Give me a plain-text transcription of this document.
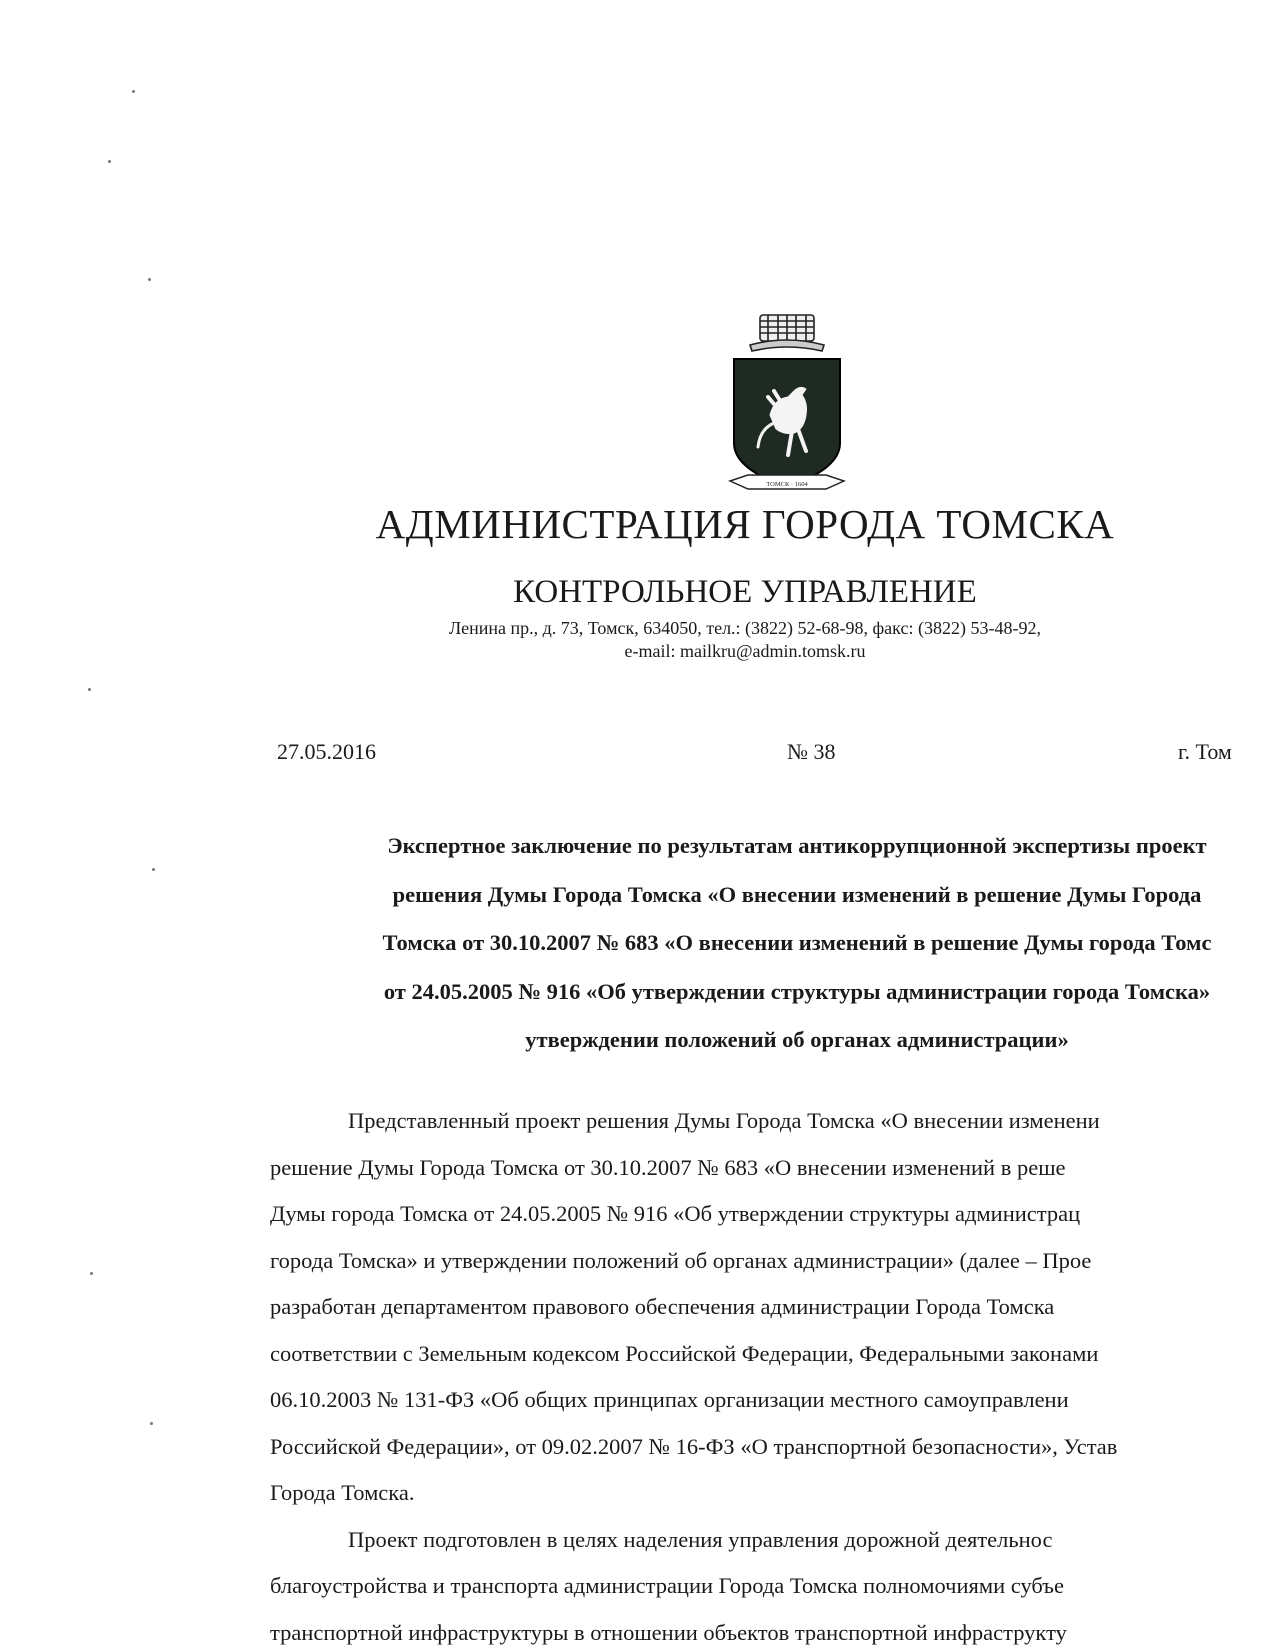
ТОМСК · 1604
АДМИНИСТРАЦИЯ ГОРОДА ТОМСКА
КОНТРОЛЬНОЕ УПРАВЛЕНИЕ
Ленина пр., д. 73, Томск, 634050, тел.: (3822) 52-68-98, факс: (3822) 53-48-92,
e-mail: mailkru@admin.tomsk.ru
27.05.2016	№ 38	г. Том
Экспертное заключение по результатам антикоррупционной экспертизы проект
решения Думы Города Томска «О внесении изменений в решение Думы Города
Томска от 30.10.2007 № 683 «О внесении изменений в решение Думы города Томс
от 24.05.2005 № 916 «Об утверждении структуры администрации города Томска»
утверждении положений об органах администрации»
Представленный проект решения Думы Города Томска «О внесении изменени
решение Думы Города Томска от 30.10.2007 № 683 «О внесении изменений в реше
Думы города Томска от 24.05.2005 № 916 «Об утверждении структуры администрац
города Томска» и утверждении положений об органах администрации» (далее – Прое
разработан департаментом правового обеспечения администрации Города Томска
соответствии с Земельным кодексом Российской Федерации, Федеральными законами
06.10.2003 № 131-ФЗ «Об общих принципах организации местного самоуправлени
Российской Федерации», от 09.02.2007 № 16-ФЗ «О транспортной безопасности», Устав
Города Томска.
Проект подготовлен в целях наделения управления дорожной деятельнос
благоустройства и транспорта администрации Города Томска полномочиями субъе
транспортной инфраструктуры в отношении объектов транспортной инфраструкту
